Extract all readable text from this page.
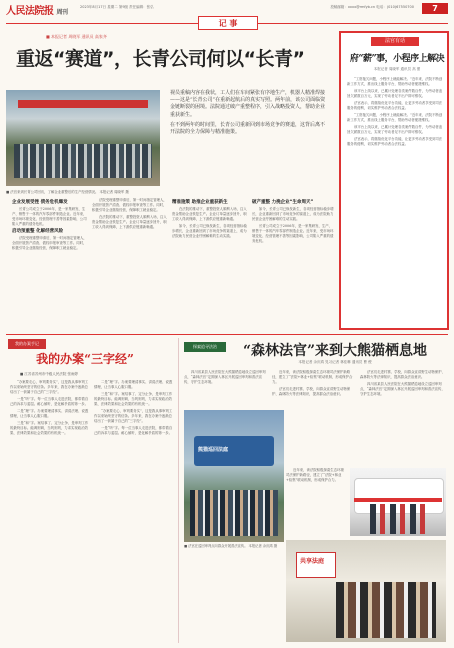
人民法院报 周刊
2023年8月17日 星期二 第9版 责任编辑：张弘	投稿邮箱：xxxx@rmfyb.cn 电话：(010)67550700	7
记 事
■ 本报记者 周晓军 通讯员 高家齐
重返“赛道”，长青公司何以“长青”
视员重稿内容在我状，工人们在车间紧张有序地生产，机器人精准焊接——这是“长青公司”在重新起航后的真实写照。两年前，该公司面临资金链断裂的困境。法院通过破产重整程序，引入战略投资人，帮助企业重获新生。
在不到两年的时间里，长青公司重新回到市场竞争的赛道，这背后离不开法院的全力保障与精准施策。
■ 法官来到长青公司回访，了解企业重整后的生产经营情况。 本报记者 周晓军 摄
企业发展受挫 债务危机爆发

长青公司成立于2006年，是一家集研发、生产、销售于一体的汽车零部件制造企业。近年来，受市场环境变化、经营管理不善等因素影响，公司陷入严重的债务危机。

启动预重整 化解经营风险

法院受理重整申请后，第一时间指定管理人，全面开展资产清查、债权申报审查等工作。同时，积极引导企业继续经营，保障职工就业稳定。

法院受理重整申请后，第一时间指定管理人，全面开展资产清查、债权申报审查等工作。同时，积极引导企业继续经营，保障职工就业稳定。

在法院的推动下，重整投资人顺利入场，注入资金帮助企业恢复生产。企业订单量逐步回升，职工收入得到保障，上下游供应链重新畅通。

精准施策 助推企业重获新生

在法院的推动下，重整投资人顺利入场，注入资金帮助企业恢复生产。企业订单量逐步回升，职工收入得到保障，上下游供应链重新畅通。

如今，长青公司已焕发新生，各项经营指标稳步增长，企业重新回到了市场竞争的赛道上，成为法院助力民营企业纾困解难的生动实践。

破产重整 力挽企业“生命周天”

如今，长青公司已焕发新生，各项经营指标稳步增长，企业重新回到了市场竞争的赛道上，成为法院助力民营企业纾困解难的生动实践。

长青公司成立于2006年，是一家集研发、生产、销售于一体的汽车零部件制造企业。近年来，受市场环境变化、经营管理不善等因素影响，公司陷入严重的债务危机。

法官有话
府“薪”事，小程序上解决
本报记者 周晓军 通讯员 高 蕾

“工资拖欠问题，小程序上就能解决。”近年来，法院不断创新工作方式，推出线上服务平台，帮助劳动者便捷维权。

该平台上线以来，已累计处理各类案件数百件，为劳动者追回欠薪数百万元，实现了劳动者足不出户即可维权。

法官表示，将继续优化平台功能，让更多劳动者享受到司法服务的便利，切实维护劳动者合法权益。

“工资拖欠问题，小程序上就能解决。”近年来，法院不断创新工作方式，推出线上服务平台，帮助劳动者便捷维权。

该平台上线以来，已累计处理各类案件数百件，为劳动者追回欠薪数百万元，实现了劳动者足不出户即可维权。

法官表示，将继续优化平台功能，让更多劳动者享受到司法服务的便利，切实维护劳动者合法权益。

我的办案手记
我的办案“三字经”
■ 江苏省苏州市中级人民法院 张雨婷

“办案要走心，审判要务实”，这是我从事审判工作以来始终坚守的信条。多年来，我在办案中逐渐总结出了一套属于自己的“三字经”。

一是“听”字。每一位当事人走进法院，都带着自己的诉求与委屈。耐心倾听，是化解矛盾的第一步。

二是“理”字。办案要理清事实、讲清法理、说透情理，让当事人心服口服。

三是“和”字。案结事了、定分止争，是审判工作的最终目标。能调则调，当判则判，力求实现政治效果、法律效果和社会效果的有机统一。

二是“理”字。办案要理清事实、讲清法理、说透情理，让当事人心服口服。

三是“和”字。案结事了、定分止争，是审判工作的最终目标。能调则调，当判则判，力求实现政治效果、法律效果和社会效果的有机统一。

“办案要走心，审判要务实”，这是我从事审判工作以来始终坚守的信条。多年来，我在办案中逐渐总结出了一套属于自己的“三字经”。

一是“听”字。每一位当事人走进法院，都带着自己的诉求与委屈。耐心倾听，是化解矛盾的第一步。

探索追寻法治	“森林法官”来到大熊猫栖息地
本报记者 余庆鸿 见习记者 林佳琳 通讯员 曹 俊

四川省某县人民法院在大熊猫栖息地设立巡回审判点，“森林法官”定期深入林区开展巡回审判和普法宣传，守护生态环境。

近年来，该法院积极探索生态环境司法保护新路径，建立了“法院+林业+检察”联动机制，形成保护合力。

法官们走进村寨、学校，向群众宣讲野生动物保护、森林防火等法律知识，提高群众法治意识。

法官们走进村寨、学校，向群众宣讲野生动物保护、森林防火等法律知识，提高群众法治意识。

四川省某县人民法院在大熊猫栖息地设立巡回审判点，“森林法官”定期深入林区开展巡回审判和普法宣传，守护生态环境。

熊猫巡回法庭
■ 法官在巡回审判点向群众开展普法宣传。 本报记者 余庆鸿 摄

近年来，该法院积极探索生态环境司法保护新路径，建立了“法院+林业+检察”联动机制，形成保护合力。

共享法庭
